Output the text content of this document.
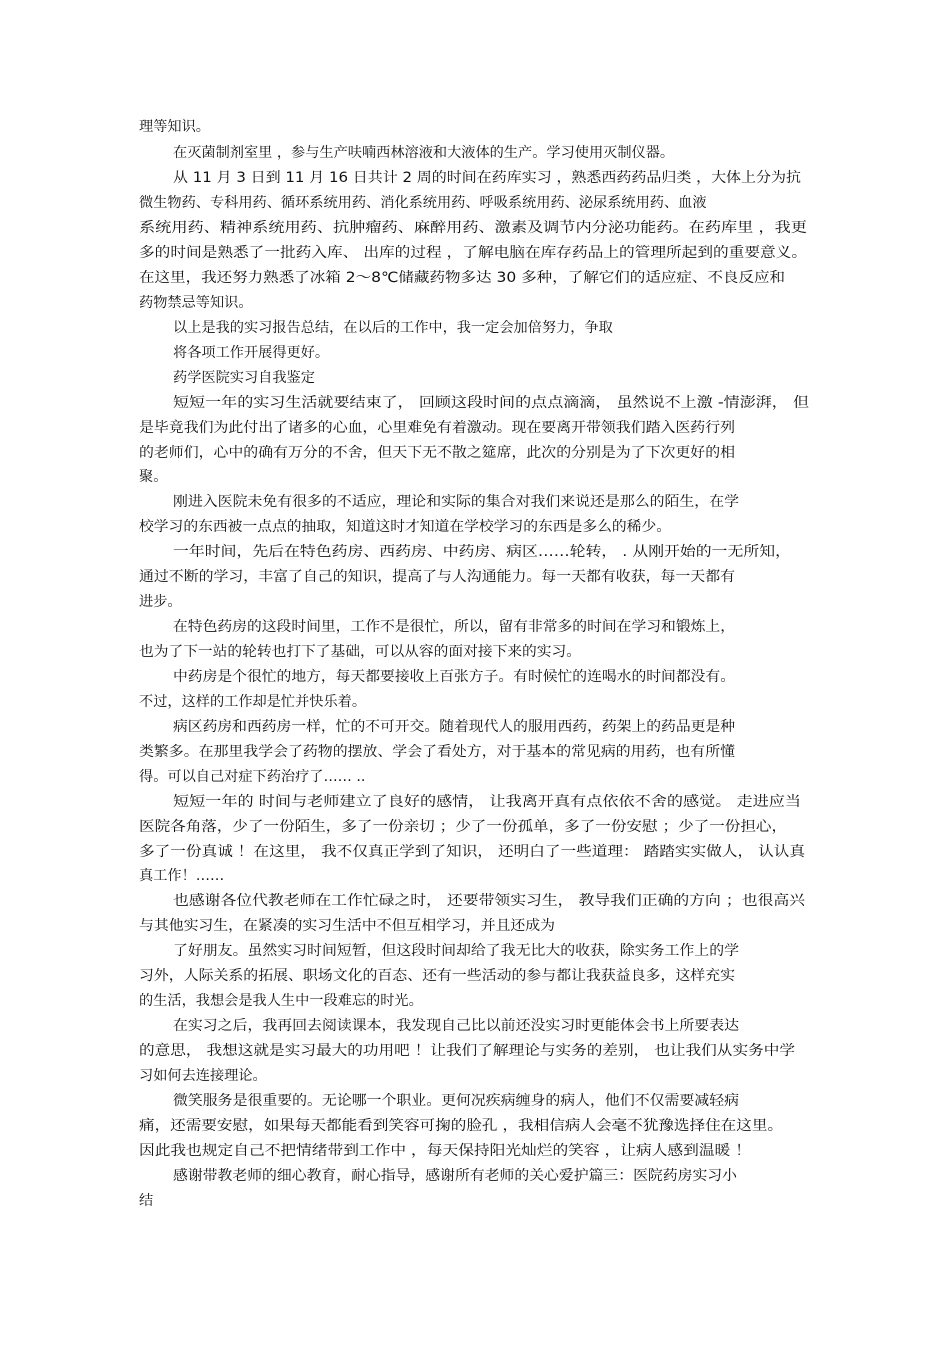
理等知识。
在灭菌制剂室里 ，参与生产呋喃西林溶液和大液体的生产。学习使用灭制仪器。
从 11 月 3 日到 11 月 16 日共计 2 周的时间在药库实习 ，熟悉西药药品归类 ，大体上分为抗
微生物药、专科用药、循环系统用药、消化系统用药、呼吸系统用药、泌尿系统用药、血液
系统用药、精神系统用药、抗肿瘤药、麻醉用药、激素及调节内分泌功能药。在药库里 ，我更
多的时间是熟悉了一批药入库、 出库的过程 ，了解电脑在库存药品上的管理所起到的重要意义。
在这里，我还努力熟悉了冰箱 2～8℃储藏药物多达 30 多种，了解它们的适应症、不良反应和
药物禁忌等知识。
以上是我的实习报告总结，在以后的工作中，我一定会加倍努力，争取
将各项工作开展得更好。
药学医院实习自我鉴定
短短一年的实习生活就要结束了， 回顾这段时间的点点滴滴， 虽然说不上激 -情澎湃， 但
是毕竟我们为此付出了诸多的心血，心里难免有着激动。现在要离开带领我们踏入医药行列
的老师们，心中的确有万分的不舍，但天下无不散之筵席，此次的分别是为了下次更好的相
聚。
刚进入医院未免有很多的不适应，理论和实际的集合对我们来说还是那么的陌生，在学
校学习的东西被一点点的抽取，知道这时才知道在学校学习的东西是多么的稀少。
一年时间，先后在特色药房、西药房、中药房、病区……轮转， . 从刚开始的一无所知，
通过不断的学习，丰富了自己的知识，提高了与人沟通能力。每一天都有收获，每一天都有
进步。
在特色药房的这段时间里，工作不是很忙，所以，留有非常多的时间在学习和锻炼上，
也为了下一站的轮转也打下了基础，可以从容的面对接下来的实习。
中药房是个很忙的地方，每天都要接收上百张方子。有时候忙的连喝水的时间都没有。
不过，这样的工作却是忙并快乐着。
病区药房和西药房一样，忙的不可开交。随着现代人的服用西药，药架上的药品更是种
类繁多。在那里我学会了药物的摆放、学会了看处方，对于基本的常见病的用药，也有所懂
得。可以自己对症下药治疗了…… ..
短短一年的 时间与老师建立了良好的感情， 让我离开真有点依依不舍的感觉。 走进应当
医院各角落，少了一份陌生，多了一份亲切 ；少了一份孤单，多了一份安慰 ；少了一份担心，
多了一份真诚 ！在这里， 我不仅真正学到了知识， 还明白了一些道理： 踏踏实实做人， 认认真
真工作！……
也感谢各位代教老师在工作忙碌之时， 还要带领实习生， 教导我们正确的方向 ；也很高兴
与其他实习生，在紧凑的实习生活中不但互相学习，并且还成为
了好朋友。虽然实习时间短暂，但这段时间却给了我无比大的收获，除实务工作上的学
习外，人际关系的拓展、职场文化的百态、还有一些活动的参与都让我获益良多，这样充实
的生活，我想会是我人生中一段难忘的时光。
在实习之后，我再回去阅读课本，我发现自己比以前还没实习时更能体会书上所要表达
的意思， 我想这就是实习最大的功用吧 ！让我们了解理论与实务的差别， 也让我们从实务中学
习如何去连接理论。
微笑服务是很重要的。无论哪一个职业。更何况疾病缠身的病人，他们不仅需要减轻病
痛，还需要安慰，如果每天都能看到笑容可掬的脸孔 ，我相信病人会毫不犹豫选择住在这里。
因此我也规定自己不把情绪带到工作中 ，每天保持阳光灿烂的笑容 ，让病人感到温暖 ！
感谢带教老师的细心教育，耐心指导，感谢所有老师的关心爱护篇三：医院药房实习小
结
